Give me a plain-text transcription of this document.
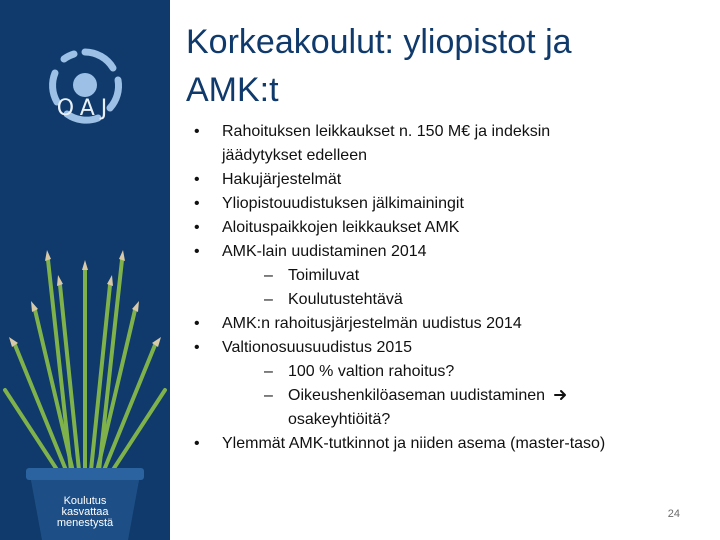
OAJ
Koulutus
kasvattaa
menestystä
Korkeakoulut: yliopistot ja
AMK:t
• Rahoituksen leikkaukset n. 150 M€ ja indeksin
jäädytykset edelleen
• Hakujärjestelmät
• Yliopistouudistuksen jälkimainingit
• Aloituspaikkojen leikkaukset AMK
• AMK-lain uudistaminen 2014
– Toimiluvat
– Koulutustehtävä
• AMK:n rahoitusjärjestelmän uudistus 2014
• Valtionosuusuudistus 2015
– 100 % valtion rahoitus?
– Oikeushenkilöaseman uudistaminen
osakeyhtiöitä?
• Ylemmät AMK-tutkinnot ja niiden asema (master-taso)
24
